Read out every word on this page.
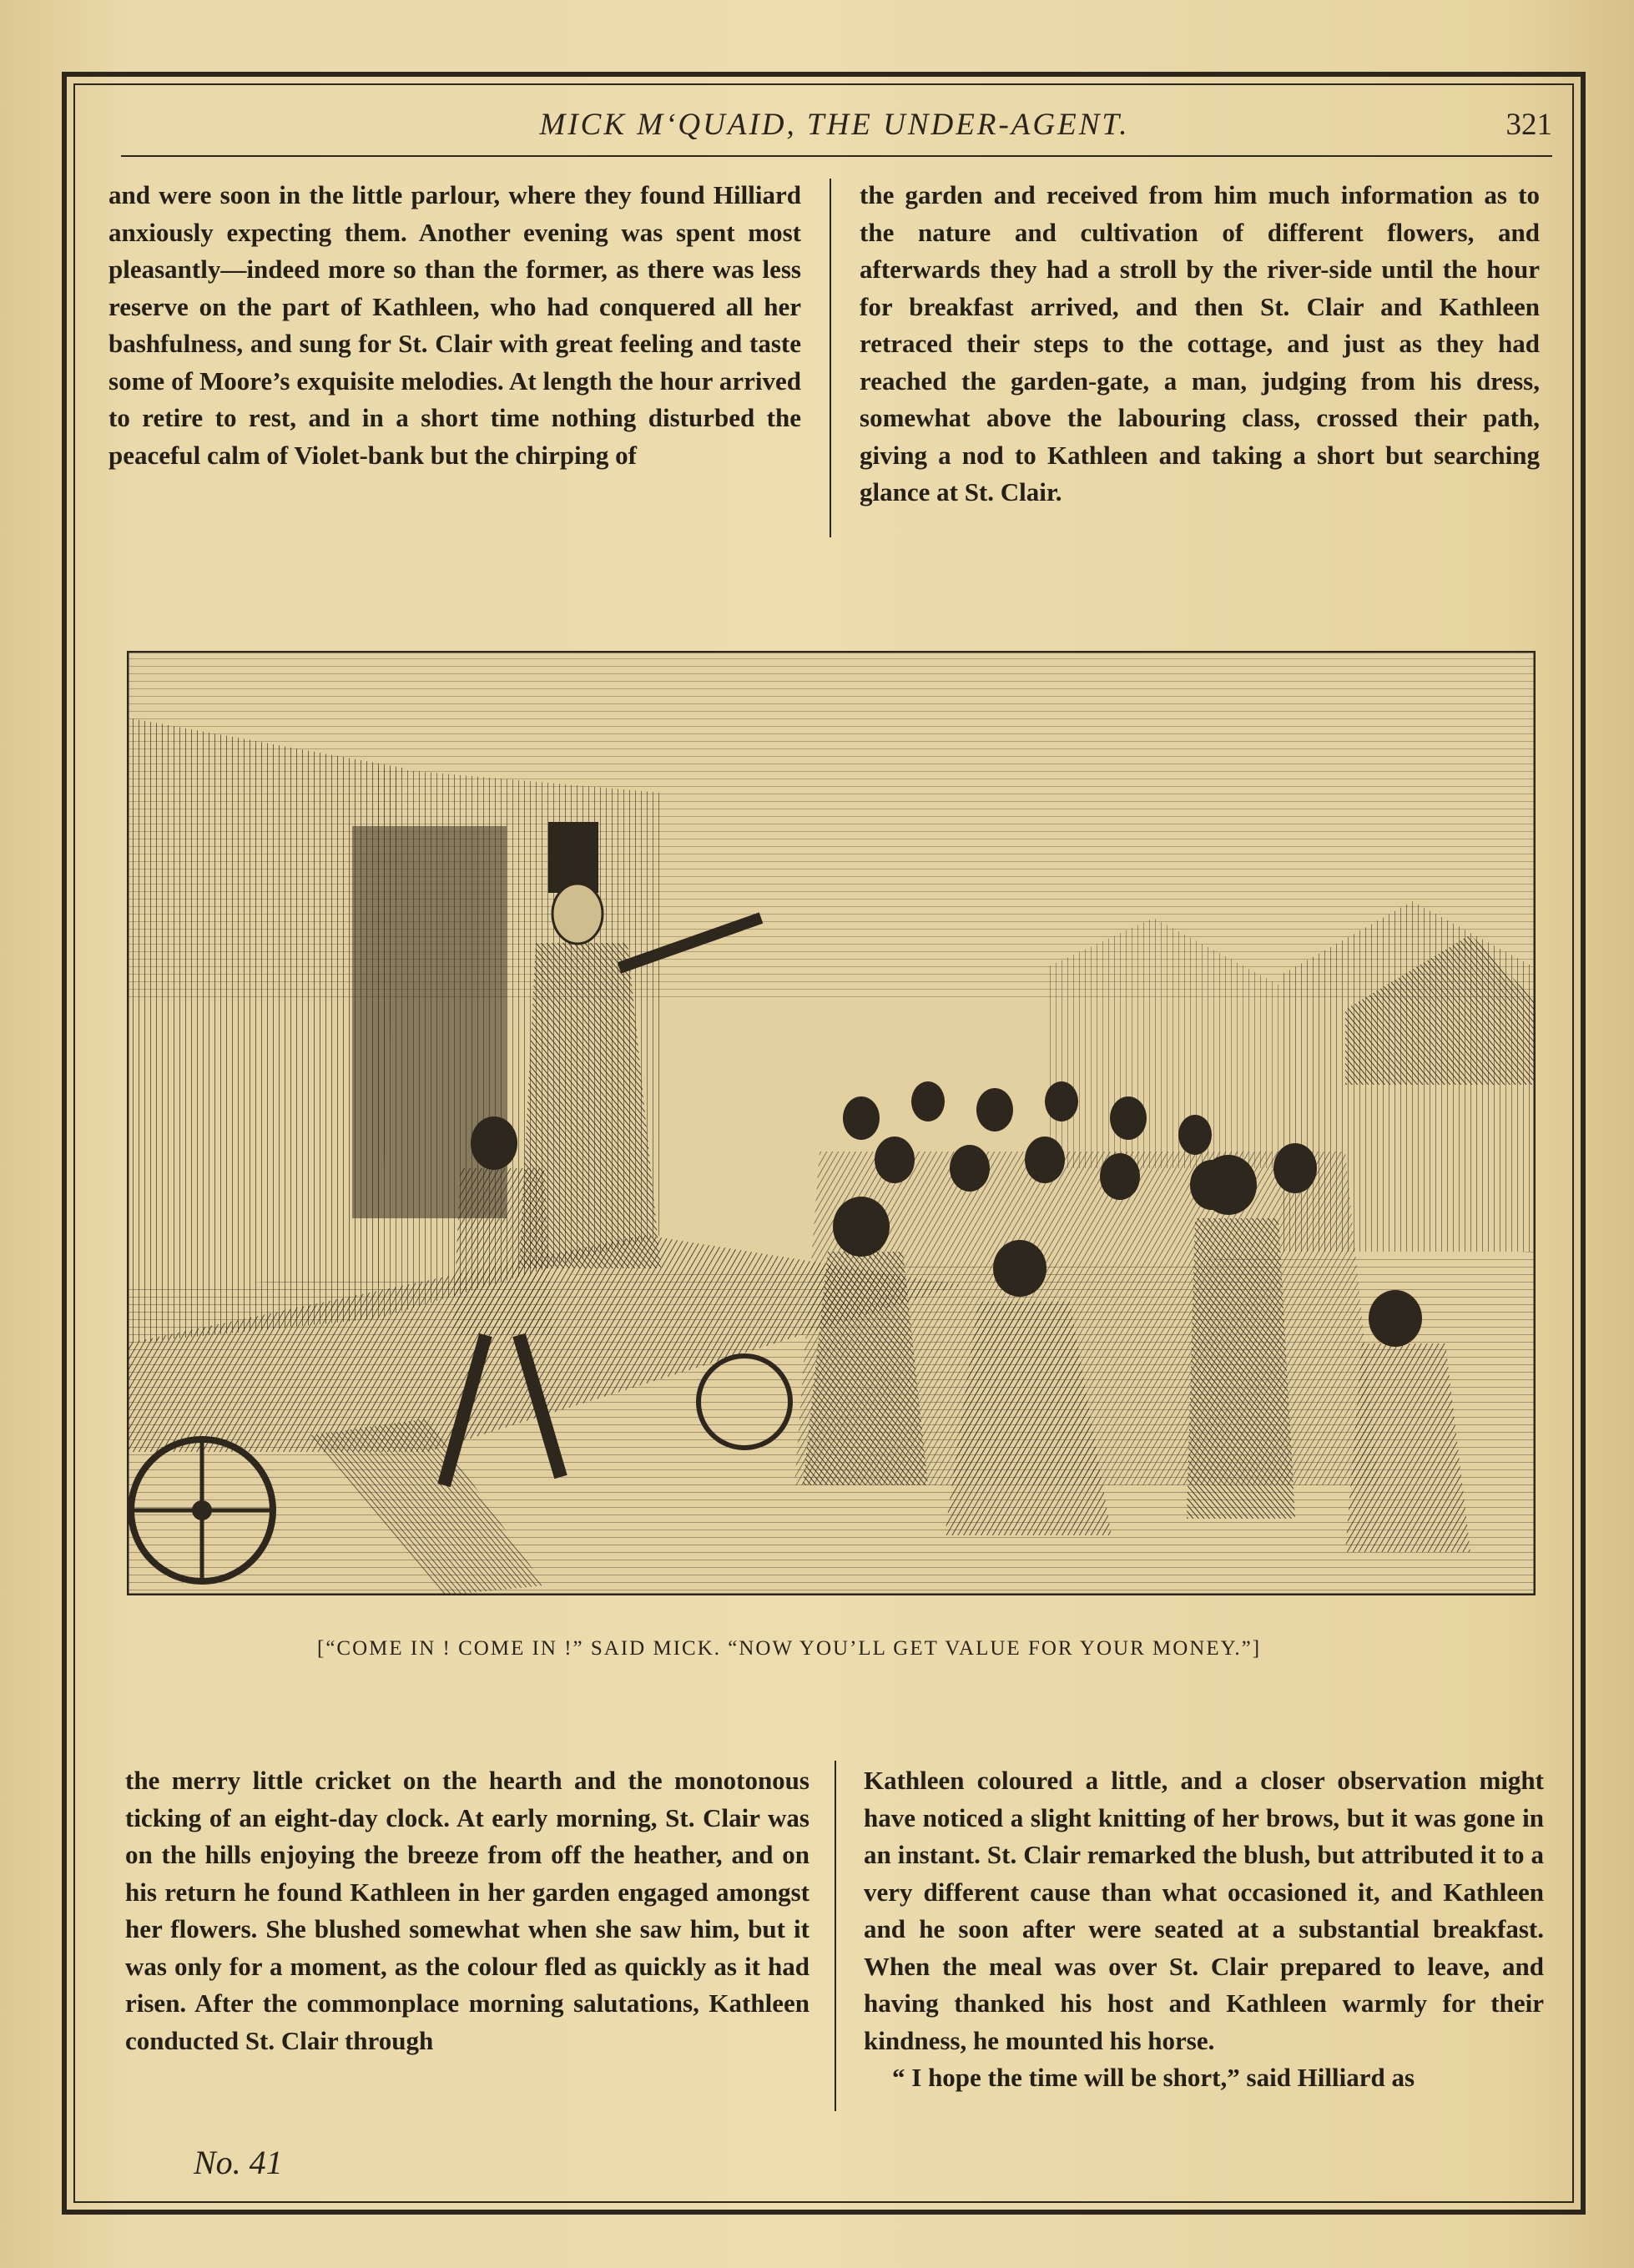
MICK M‘QUAID, THE UNDER-AGENT.	321

and were soon in the little parlour, where they found Hilliard anxiously expecting them. Another evening was spent most pleasantly—indeed more so than the former, as there was less reserve on the part of Kathleen, who had conquered all her bashfulness, and sung for St. Clair with great feeling and taste some of Moore’s exquisite melodies. At length the hour arrived to retire to rest, and in a short time nothing disturbed the peaceful calm of Violet-bank but the chirping of

the garden and received from him much information as to the nature and cultivation of different flowers, and afterwards they had a stroll by the river-side until the hour for breakfast arrived, and then St. Clair and Kathleen retraced their steps to the cottage, and just as they had reached the garden-gate, a man, judging from his dress, somewhat above the labouring class, crossed their path, giving a nod to Kathleen and taking a short but searching glance at St. Clair.

[“COME IN ! COME IN !” SAID MICK. “NOW YOU’LL GET VALUE FOR YOUR MONEY.”]

the merry little cricket on the hearth and the monotonous ticking of an eight-day clock. At early morning, St. Clair was on the hills enjoying the breeze from off the heather, and on his return he found Kathleen in her garden engaged amongst her flowers. She blushed somewhat when she saw him, but it was only for a moment, as the colour fled as quickly as it had risen. After the commonplace morning salutations, Kathleen conducted St. Clair through

Kathleen coloured a little, and a closer observation might have noticed a slight knitting of her brows, but it was gone in an instant. St. Clair remarked the blush, but attributed it to a very different cause than what occasioned it, and Kathleen and he soon after were seated at a substantial breakfast. When the meal was over St. Clair prepared to leave, and having thanked his host and Kathleen warmly for their kindness, he mounted his horse.

“ I hope the time will be short,” said Hilliard as

No. 41
